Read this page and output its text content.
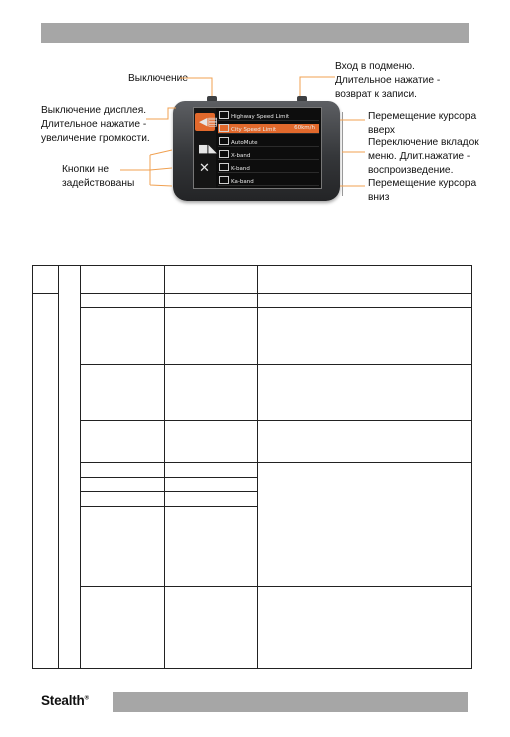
◀▤
■◣
✕
Highway Speed Limit
City Speed Limit	60km/h
AutoMute
X-band
K-band
Ka-band
Выключение
Выключение дисплея.
Длительное нажатие -
увеличение громкости.
Кнопки не
задействованы
Вход в подменю.
Длительное нажатие -
возврат к записи.
Перемещение курсора
вверх
Переключение вкладок
меню. Длит.нажатие -
воспроизведение.
Перемещение курсора
вниз
Stealth®
